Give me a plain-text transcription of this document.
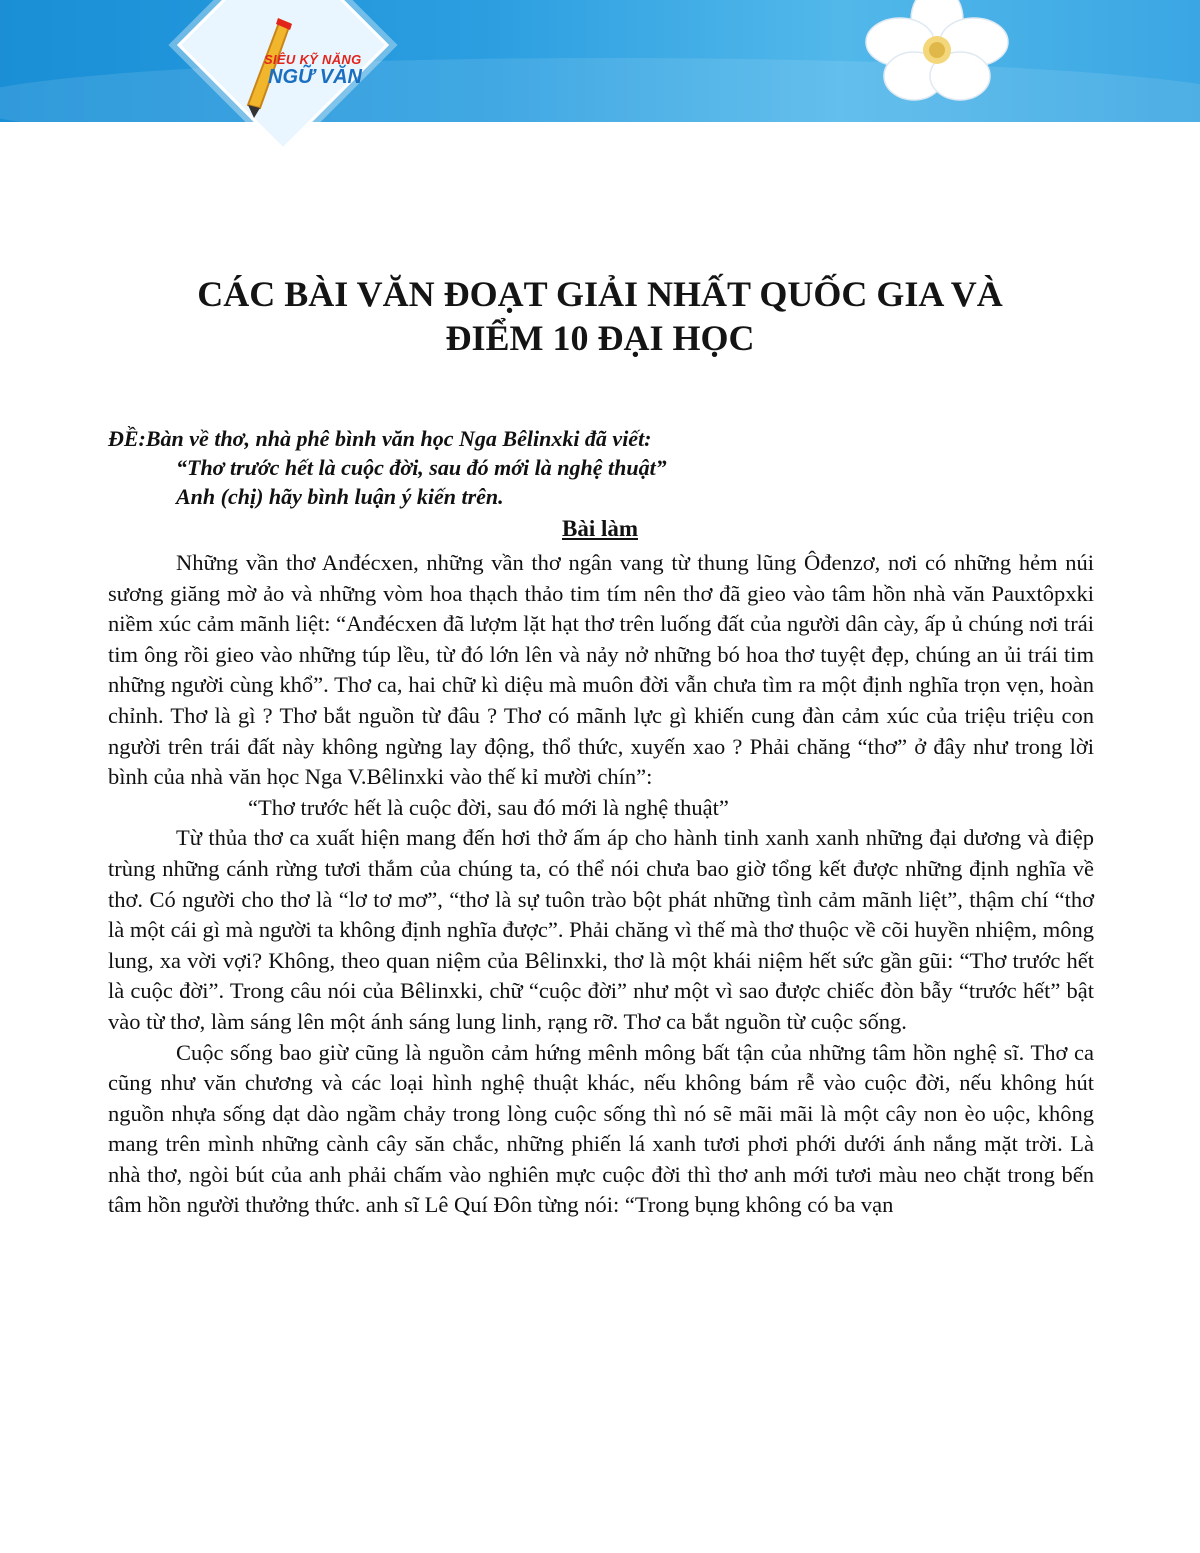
SIÊU KỸ NĂNG
NGỮ VĂN
CÁC BÀI VĂN ĐOẠT GIẢI NHẤT QUỐC GIA VÀ
ĐIỂM 10 ĐẠI HỌC
ĐỀ:Bàn về thơ, nhà phê bình văn học Nga Bêlinxki đã viết:
“Thơ trước hết là cuộc đời, sau đó mới là nghệ thuật”
Anh (chị) hãy bình luận ý kiến trên.
Bài làm

Những vần thơ Anđécxen, những vần thơ ngân vang từ thung lũng Ôđenzơ, nơi có những hẻm núi sương giăng mờ ảo và những vòm hoa thạch thảo tim tím nên thơ đã gieo vào tâm hồn nhà văn Pauxtôpxki niềm xúc cảm mãnh liệt: “Anđécxen đã lượm lặt hạt thơ trên luống đất của người dân cày, ấp ủ chúng nơi trái tim ông rồi gieo vào những túp lều, từ đó lớn lên và nảy nở những bó hoa thơ tuyệt đẹp, chúng an ủi trái tim những người cùng khổ”. Thơ ca, hai chữ kì diệu mà muôn đời vẫn chưa tìm ra một định nghĩa trọn vẹn, hoàn chỉnh. Thơ là gì ? Thơ bắt nguồn từ đâu ? Thơ có mãnh lực gì khiến cung đàn cảm xúc của triệu triệu con người trên trái đất này không ngừng lay động, thổ thức, xuyến xao ? Phải chăng “thơ” ở đây như trong lời bình của nhà văn học Nga V.Bêlinxki vào thế kỉ mười chín”:

“Thơ trước hết là cuộc đời, sau đó mới là nghệ thuật”

Từ thủa thơ ca xuất hiện mang đến hơi thở ấm áp cho hành tinh xanh xanh những đại dương và điệp trùng những cánh rừng tươi thắm của chúng ta, có thể nói chưa bao giờ tổng kết được những định nghĩa về thơ. Có người cho thơ là “lơ tơ mơ”, “thơ là sự tuôn trào bột phát những tình cảm mãnh liệt”, thậm chí “thơ là một cái gì mà người ta không định nghĩa được”. Phải chăng vì thế mà thơ thuộc về cõi huyền nhiệm, mông lung, xa vời vợi? Không, theo quan niệm của Bêlinxki, thơ là một khái niệm hết sức gần gũi: “Thơ trước hết là cuộc đời”. Trong câu nói của Bêlinxki, chữ “cuộc đời” như một vì sao được chiếc đòn bẫy “trước hết” bật vào từ thơ, làm sáng lên một ánh sáng lung linh, rạng rỡ. Thơ ca bắt nguồn từ cuộc sống.

Cuộc sống bao giừ cũng là nguồn cảm hứng mênh mông bất tận của những tâm hồn nghệ sĩ. Thơ ca cũng như văn chương và các loại hình nghệ thuật khác, nếu không bám rễ vào cuộc đời, nếu không hút nguồn nhựa sống dạt dào ngầm chảy trong lòng cuộc sống thì nó sẽ mãi mãi là một cây non èo uộc, không mang trên mình những cành cây săn chắc, những phiến lá xanh tươi phơi phới dưới ánh nắng mặt trời. Là nhà thơ, ngòi bút của anh phải chấm vào nghiên mực cuộc đời thì thơ anh mới tươi màu neo chặt trong bến tâm hồn người thưởng thức. anh sĩ Lê Quí Đôn từng nói: “Trong bụng không có ba vạn
